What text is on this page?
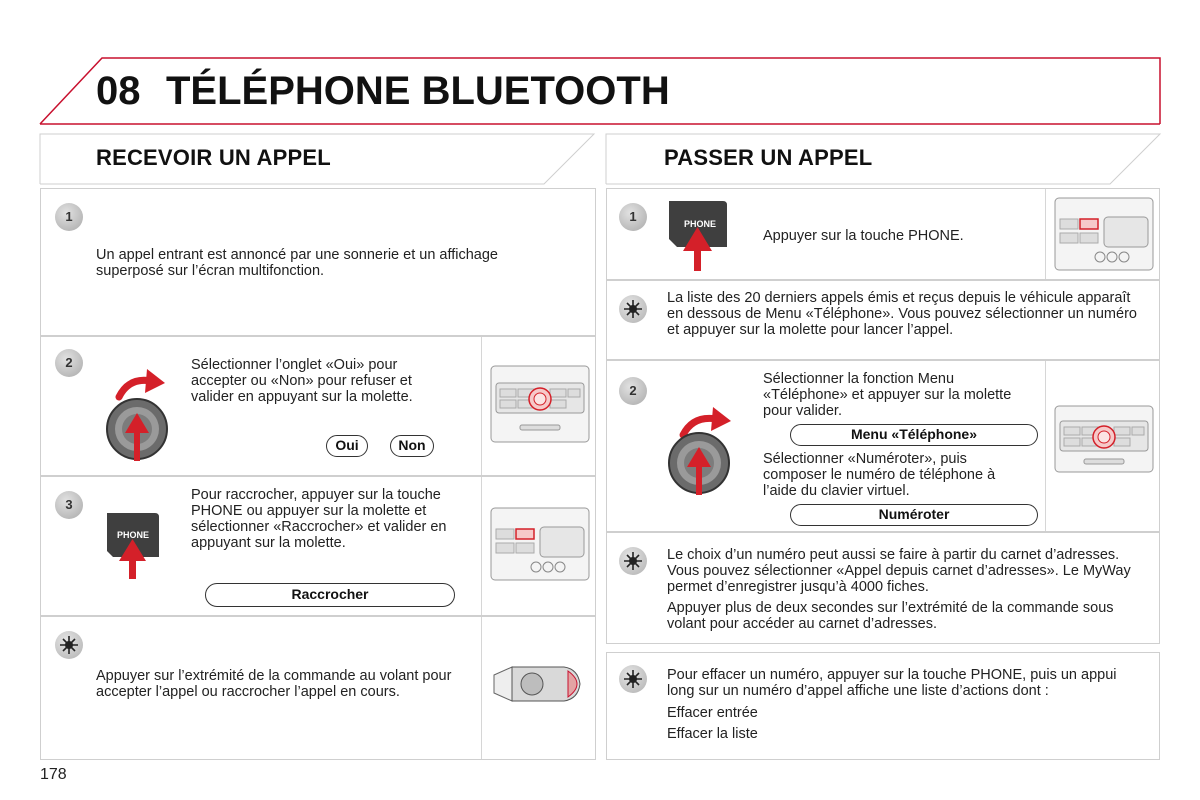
08 TÉLÉPHONE BLUETOOTH
RECEVOIR UN APPEL	PASSER UN APPEL
1
Un appel entrant est annoncé par une sonnerie et un affichage superposé sur l’écran multifonction.
2	Sélectionner l’onglet «Oui» pour accepter ou «Non» pour refuser et valider en appuyant sur la molette.
Oui	Non
3
PHONE
Pour raccrocher, appuyer sur la touche PHONE ou appuyer sur la molette et sélectionner «Raccrocher» et valider en appuyant sur la molette.
Raccrocher
Appuyer sur l’extrémité de la commande au volant pour accepter l’appel ou raccrocher l’appel en cours.
1	PHONE
Appuyer sur la touche PHONE.
La liste des 20 derniers appels émis et reçus depuis le véhicule apparaît en dessous de Menu «Téléphone». Vous pouvez sélectionner un numéro et appuyer sur la molette pour lancer l’appel.
2
Sélectionner la fonction Menu «Téléphone» et appuyer sur la molette pour valider.
Menu «Téléphone»
Sélectionner «Numéroter», puis composer le numéro de téléphone à l’aide du clavier virtuel.
Numéroter
Le choix d’un numéro peut aussi se faire à partir du carnet d’adresses. Vous pouvez sélectionner «Appel depuis carnet d’adresses». Le MyWay permet d’enregistrer jusqu’à 4000 fiches.
Appuyer plus de deux secondes sur l’extrémité de la commande sous volant pour accéder au carnet d’adresses.
Pour effacer un numéro, appuyer sur la touche PHONE, puis un appui long sur un numéro d’appel affiche une liste d’actions dont :
Effacer entrée
Effacer la liste
178
